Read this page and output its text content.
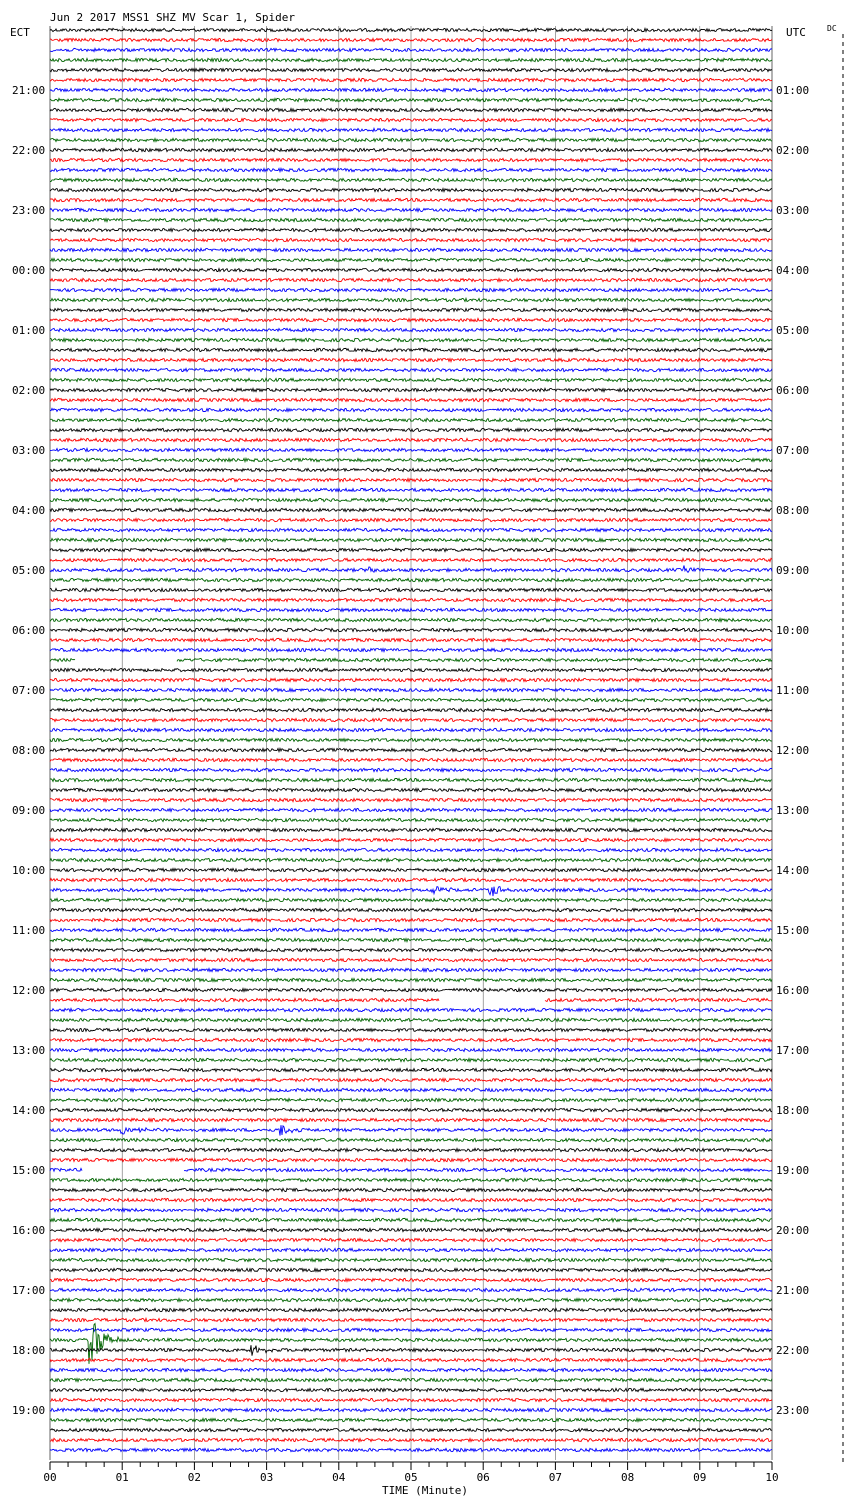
Jun 2 2017 MSS1 SHZ MV Scar 1, Spider
ECT	UTC	DC
21:00
22:00
23:00
00:00
01:00
02:00
03:00
04:00
05:00
06:00
07:00
08:00
09:00
10:00
11:00
12:00
13:00
14:00
15:00
16:00
17:00
18:00
19:00
01:00
02:00
03:00
04:00
05:00
06:00
07:00
08:00
09:00
10:00
11:00
12:00
13:00
14:00
15:00
16:00
17:00
18:00
19:00
20:00
21:00
22:00
23:00
00	01	02	03	04	05	06	07	08	09	10
TIME (Minute)
